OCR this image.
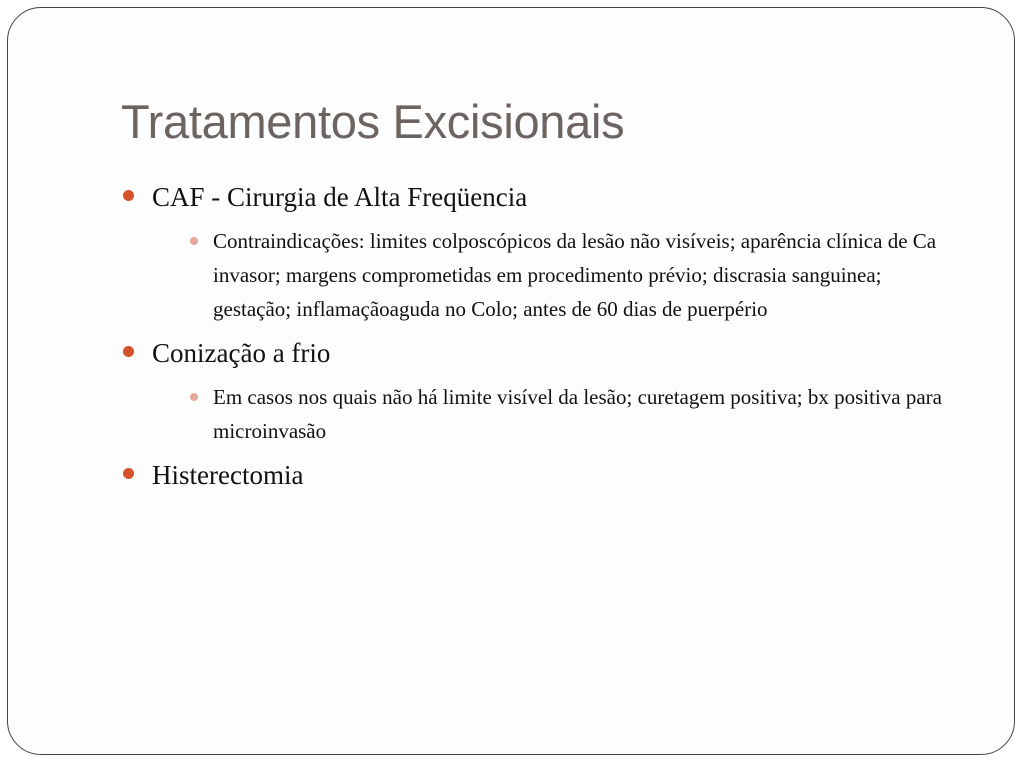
Tratamentos Excisionais
CAF - Cirurgia de Alta Freqüencia
Contraindicações: limites colposcópicos da lesão não visíveis; aparência clínica de Ca invasor; margens comprometidas em procedimento prévio; discrasia sanguinea; gestação; inflamaçãoaguda no Colo; antes de 60 dias de puerpério
Conização a frio
Em casos nos quais não há limite visível da lesão; curetagem positiva; bx positiva para microinvasão
Histerectomia
